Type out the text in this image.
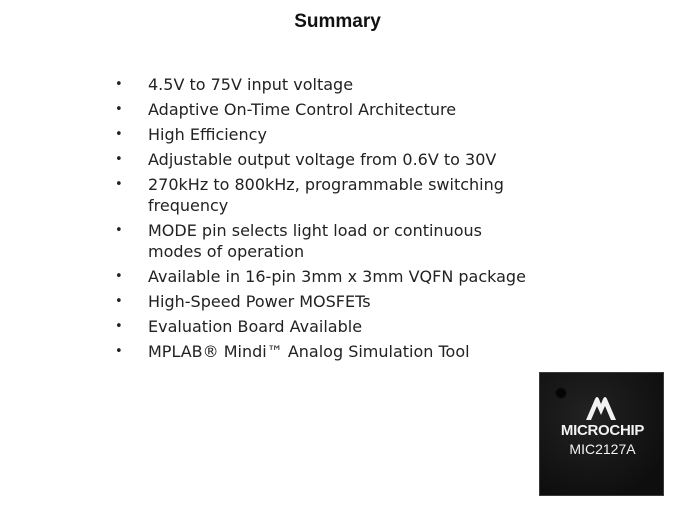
Summary
•	4.5V to 75V input voltage
•	Adaptive On-Time Control Architecture
•	High Efficiency
•	Adjustable output voltage from 0.6V to 30V
•	270kHz to 800kHz, programmable switching frequency
•	MODE pin selects light load or continuous modes of operation
•	Available in 16-pin 3mm x 3mm VQFN package
•	High-Speed Power MOSFETs
•	Evaluation Board Available
•	MPLAB® Mindi™ Analog Simulation Tool
MICROCHIP
MIC2127A
